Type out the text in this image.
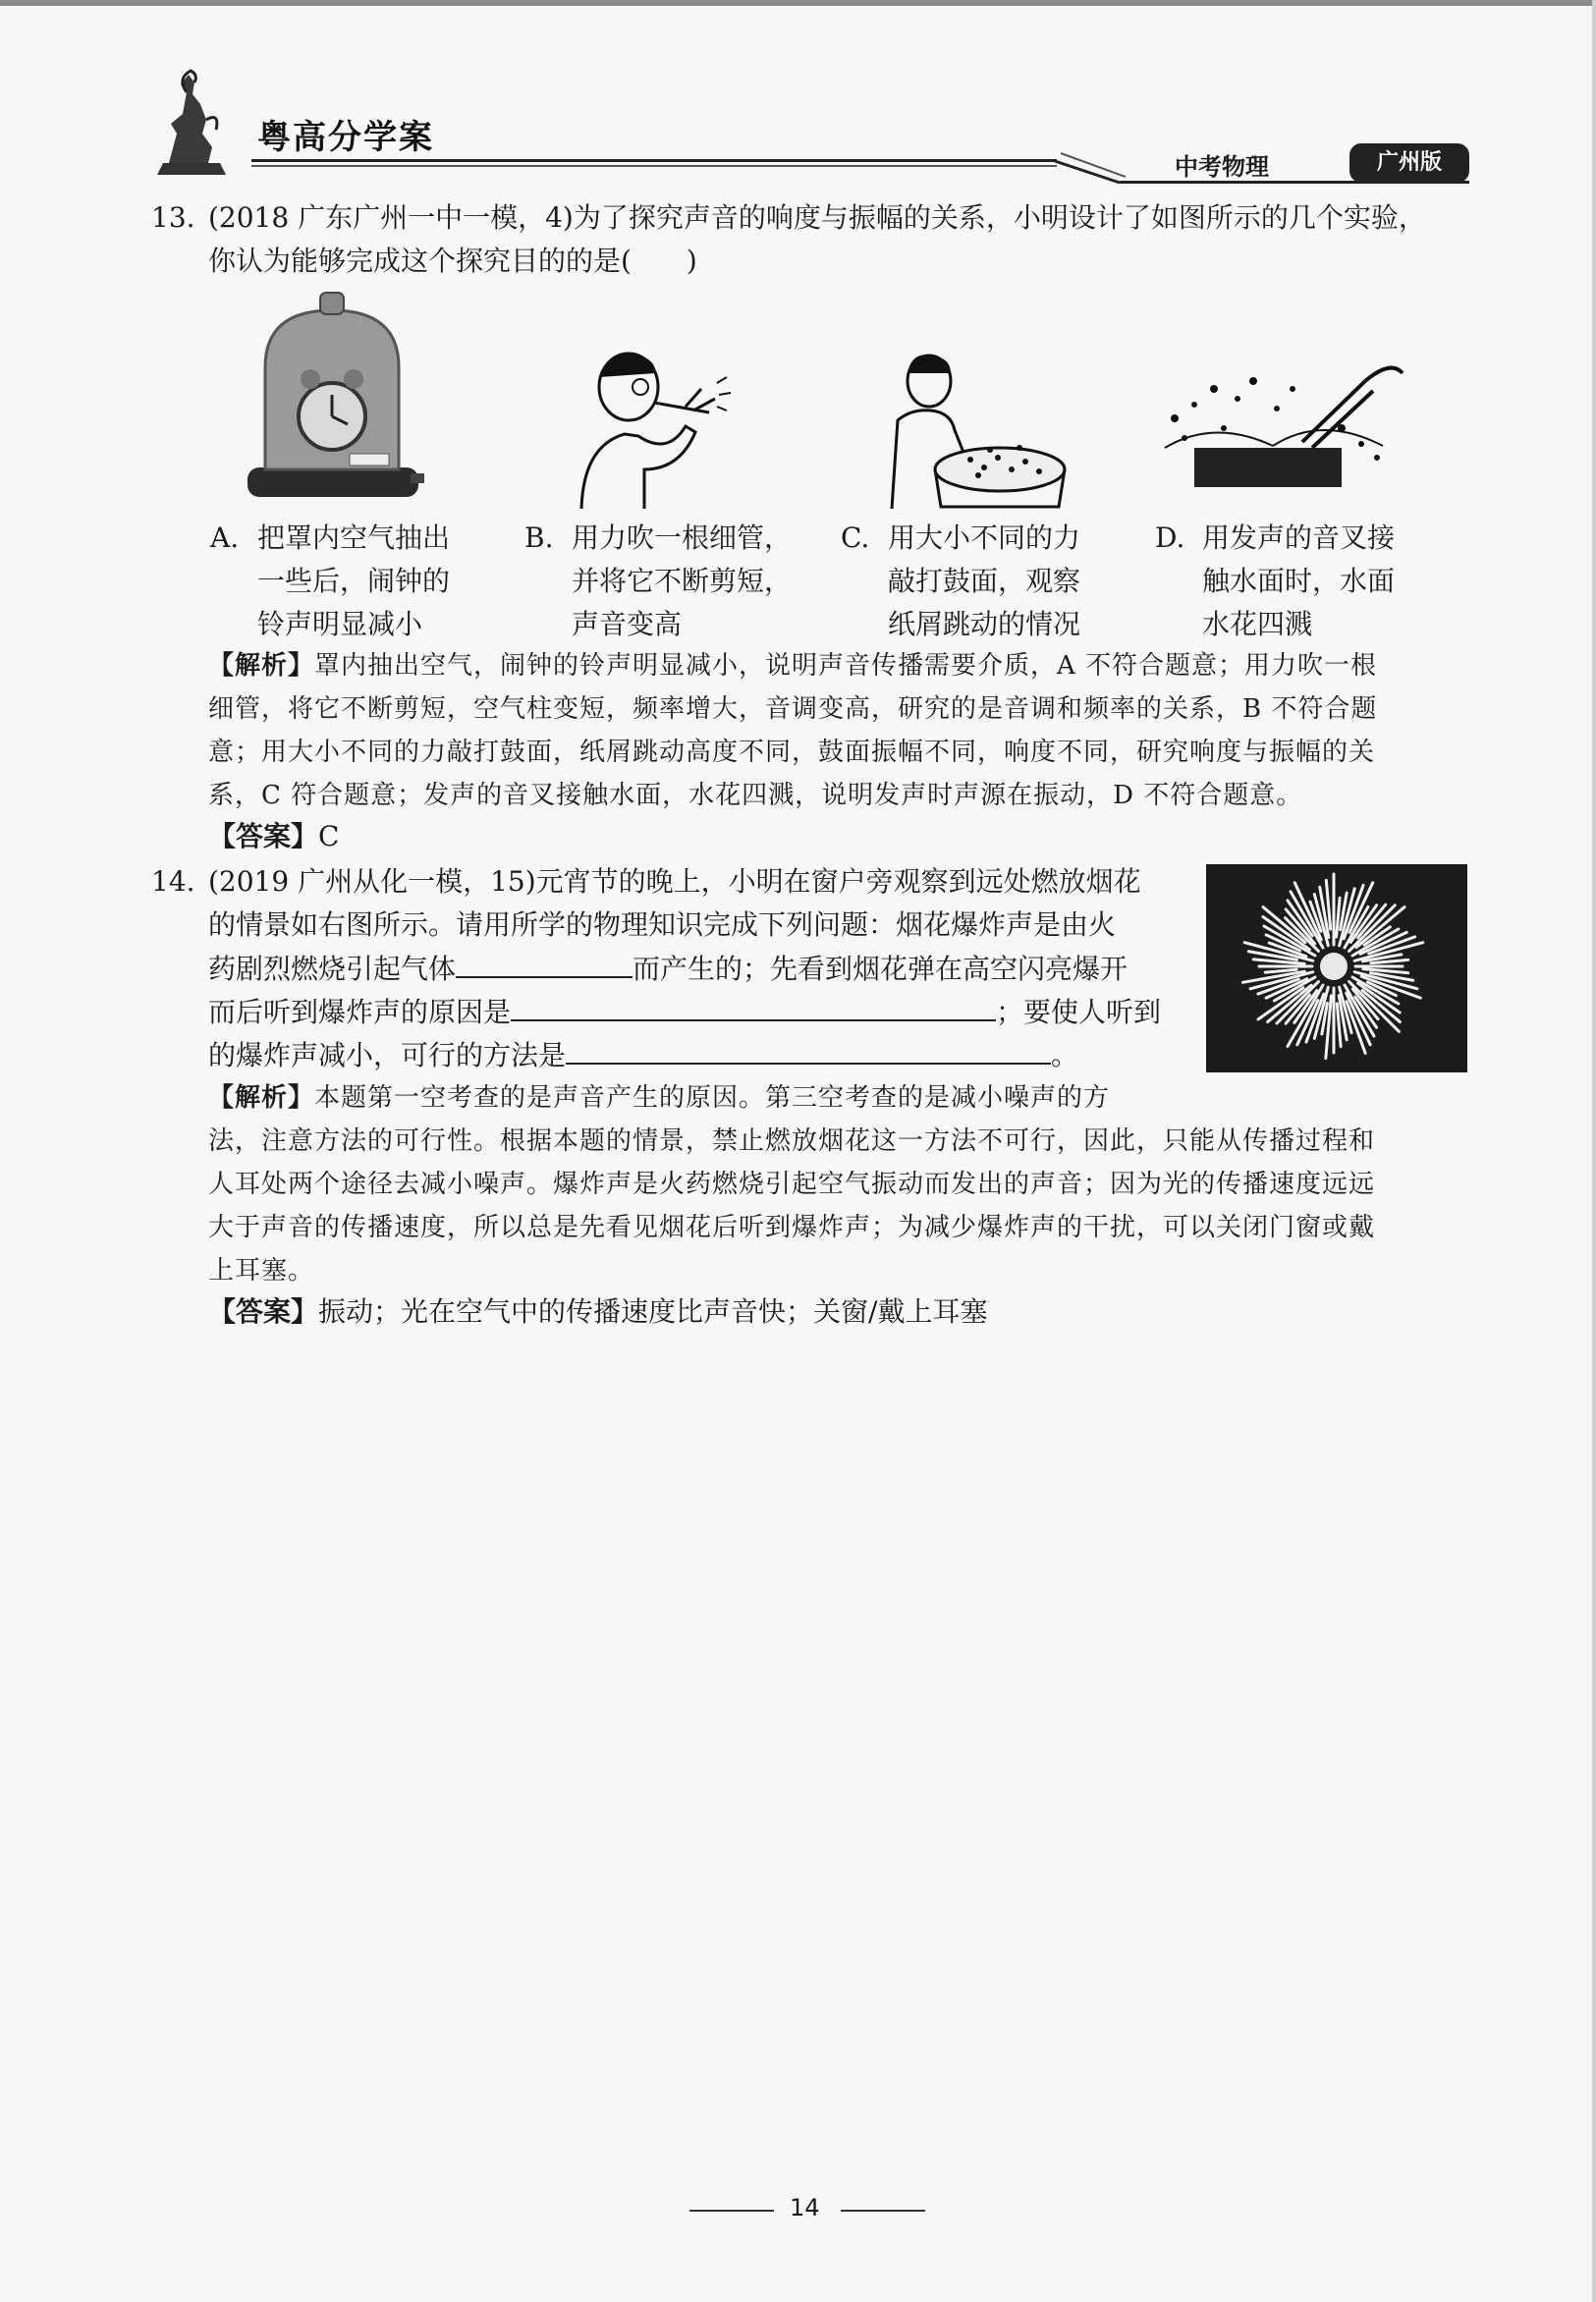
粤高分学案
中考物理	广州版
13. (2018 广东广州一中一模，4)为了探究声音的响度与振幅的关系，小明设计了如图所示的几个实验，
你认为能够完成这个探究目的的是(　　)
A. 把罩内空气抽出
一些后，闹钟的
铃声明显减小
B. 用力吹一根细管，
并将它不断剪短，
声音变高
C. 用大小不同的力
敲打鼓面，观察
纸屑跳动的情况
D. 用发声的音叉接
触水面时，水面
水花四溅
【解析】罩内抽出空气，闹钟的铃声明显减小，说明声音传播需要介质，A 不符合题意；用力吹一根
细管，将它不断剪短，空气柱变短，频率增大，音调变高，研究的是音调和频率的关系，B 不符合题
意；用大小不同的力敲打鼓面，纸屑跳动高度不同，鼓面振幅不同，响度不同，研究响度与振幅的关
系，C 符合题意；发声的音叉接触水面，水花四溅，说明发声时声源在振动，D 不符合题意。
【答案】C
14. (2019 广州从化一模，15)元宵节的晚上，小明在窗户旁观察到远处燃放烟花
的情景如右图所示。请用所学的物理知识完成下列问题：烟花爆炸声是由火
药剧烈燃烧引起气体	而产生的；先看到烟花弹在高空闪亮爆开
而后听到爆炸声的原因是	；要使人听到
的爆炸声减小，可行的方法是	。
【解析】本题第一空考查的是声音产生的原因。第三空考查的是减小噪声的方
法，注意方法的可行性。根据本题的情景，禁止燃放烟花这一方法不可行，因此，只能从传播过程和
人耳处两个途径去减小噪声。爆炸声是火药燃烧引起空气振动而发出的声音；因为光的传播速度远远
大于声音的传播速度，所以总是先看见烟花后听到爆炸声；为减少爆炸声的干扰，可以关闭门窗或戴
上耳塞。
【答案】振动；光在空气中的传播速度比声音快；关窗/戴上耳塞
14
